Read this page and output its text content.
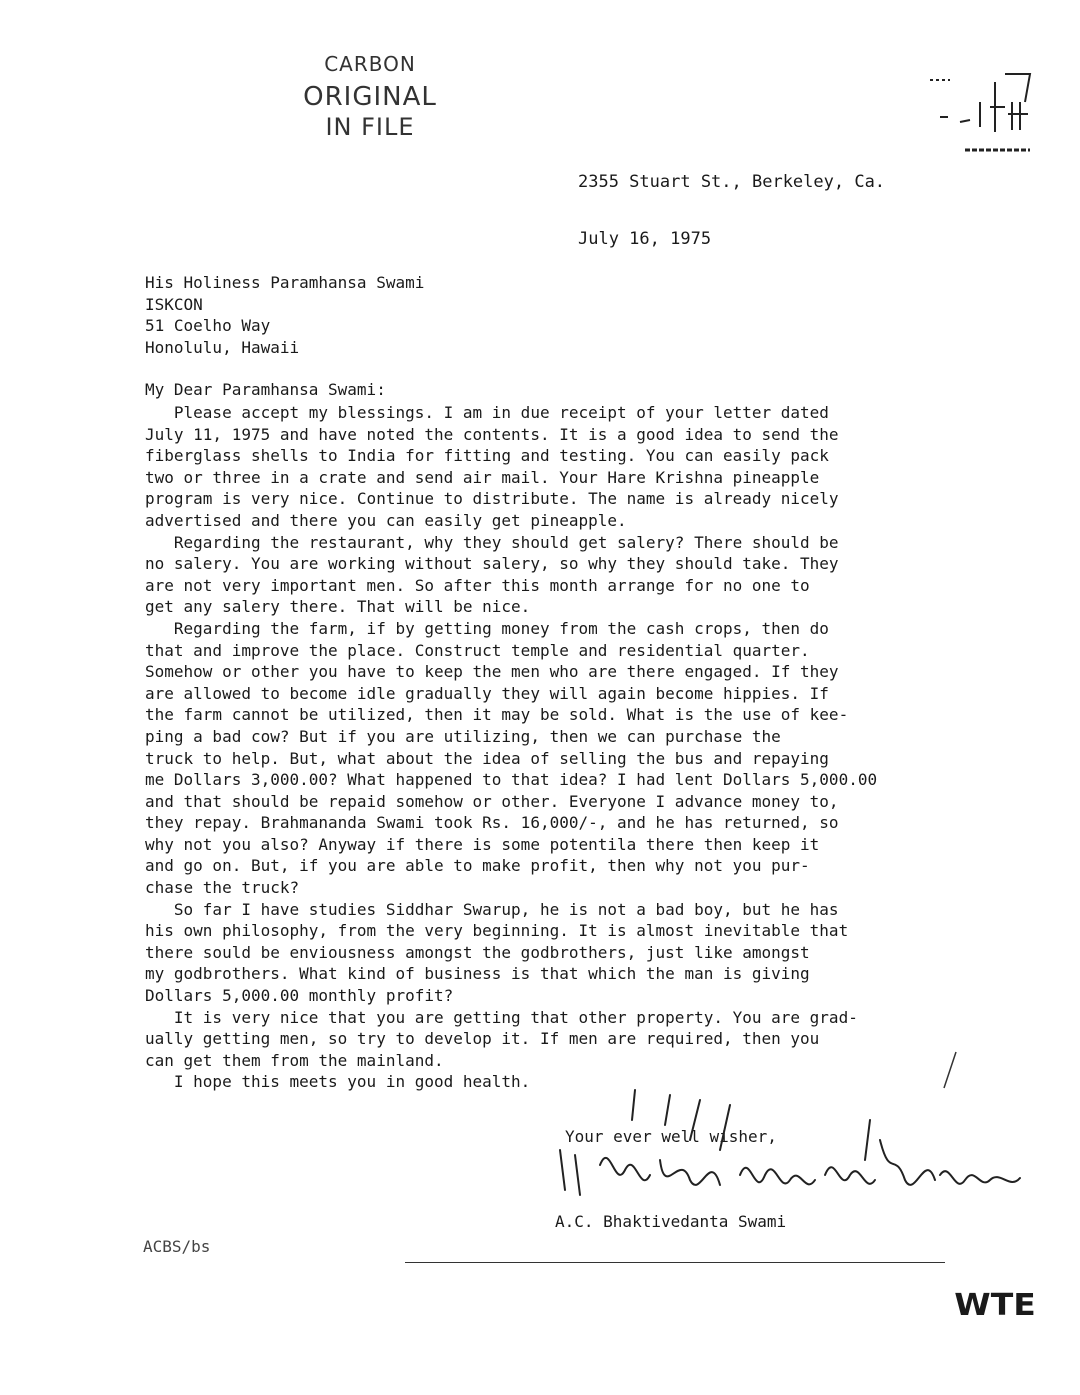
CARBON
ORIGINAL
IN FILE
2355 Stuart St., Berkeley, Ca.
July 16, 1975
His Holiness Paramhansa Swami
ISKCON
51 Coelho Way
Honolulu, Hawaii
My Dear Paramhansa Swami:
Please accept my blessings. I am in due receipt of your letter dated
July 11, 1975 and have noted the contents. It is a good idea to send the
fiberglass shells to India for fitting and testing. You can easily pack
two or three in a crate and send air mail. Your Hare Krishna pineapple
program is very nice. Continue to distribute. The name is already nicely
advertised and there you can easily get pineapple.
Regarding the restaurant, why they should get salery? There should be
no salery. You are working without salery, so why they should take. They
are not very important men. So after this month arrange for no one to
get any salery there. That will be nice.
Regarding the farm, if by getting money from the cash crops, then do
that and improve the place. Construct temple and residential quarter.
Somehow or other you have to keep the men who are there engaged. If they
are allowed to become idle gradually they will again become hippies. If
the farm cannot be utilized, then it may be sold. What is the use of kee-
ping a bad cow? But if you are utilizing, then we can purchase the
truck to help. But, what about the idea of selling the bus and repaying
me Dollars 3,000.00? What happened to that idea? I had lent Dollars 5,000.00
and that should be repaid somehow or other. Everyone I advance money to,
they repay. Brahmananda Swami took Rs. 16,000/-, and he has returned, so
why not you also? Anyway if there is some potentila there then keep it
and go on. But, if you are able to make profit, then why not you pur-
chase the truck?
So far I have studies Siddhar Swarup, he is not a bad boy, but he has
his own philosophy, from the very beginning. It is almost inevitable that
there sould be enviousness amongst the godbrothers, just like amongst
my godbrothers. What kind of business is that which the man is giving
Dollars 5,000.00 monthly profit?
It is very nice that you are getting that other property. You are grad-
ually getting men, so try to develop it. If men are required, then you
can get them from the mainland.
I hope this meets you in good health.
Your ever well wisher,
A.C. Bhaktivedanta Swami
ACBS/bs
WTE
